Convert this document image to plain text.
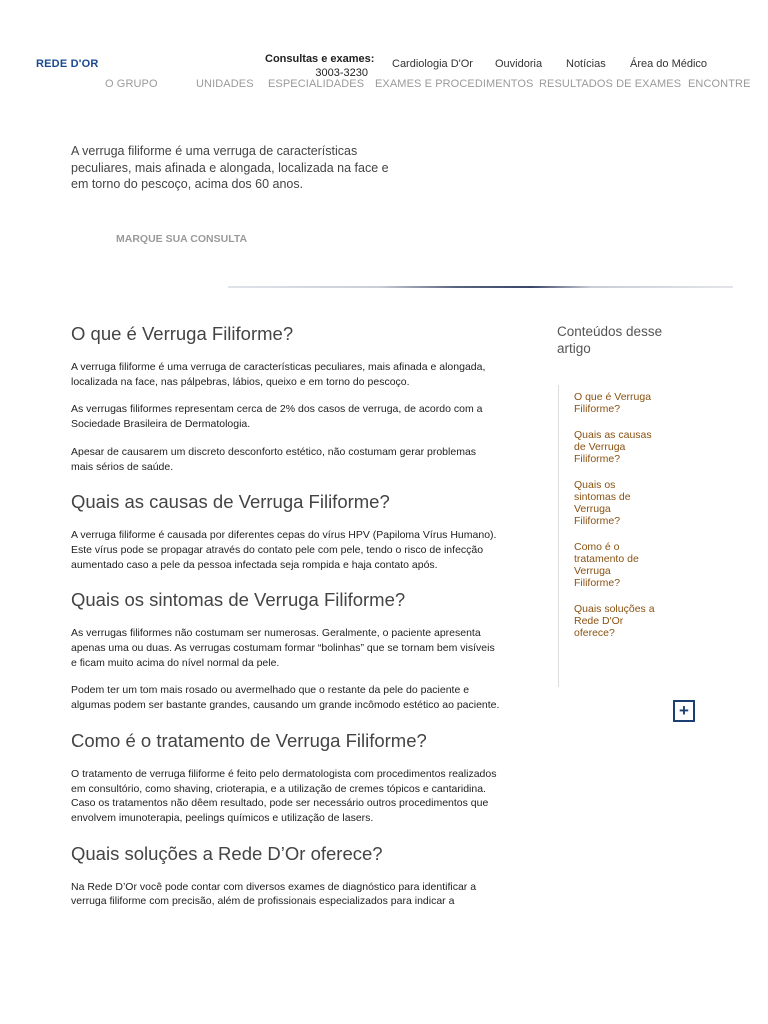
REDE D'OR	Consultas e exames:
3003-3230
Cardiologia D'Or Ouvidoria Notícias Área do Médico
O GRUPO	UNIDADES ESPECIALIDADES EXAMES E PROCEDIMENTOS RESULTADOS DE EXAMES ENCONTRE
A verruga filiforme é uma verruga de características peculiares, mais afinada e alongada, localizada na face e em torno do pescoço, acima dos 60 anos.
MARQUE SUA CONSULTA
O que é Verruga Filiforme?

A verruga filiforme é uma verruga de características peculiares, mais afinada e alongada, localizada na face, nas pálpebras, lábios, queixo e em torno do pescoço.

As verrugas filiformes representam cerca de 2% dos casos de verruga, de acordo com a Sociedade Brasileira de Dermatologia.

Apesar de causarem um discreto desconforto estético, não costumam gerar problemas mais sérios de saúde.

Quais as causas de Verruga Filiforme?

A verruga filiforme é causada por diferentes cepas do vírus HPV (Papiloma Vírus Humano). Este vírus pode se propagar através do contato pele com pele, tendo o risco de infecção aumentado caso a pele da pessoa infectada seja rompida e haja contato após.

Quais os sintomas de Verruga Filiforme?

As verrugas filiformes não costumam ser numerosas. Geralmente, o paciente apresenta apenas uma ou duas. As verrugas costumam formar “bolinhas” que se tornam bem visíveis e ficam muito acima do nível normal da pele.

Podem ter um tom mais rosado ou avermelhado que o restante da pele do paciente e algumas podem ser bastante grandes, causando um grande incômodo estético ao paciente.

Como é o tratamento de Verruga Filiforme?

O tratamento de verruga filiforme é feito pelo dermatologista com procedimentos realizados em consultório, como shaving, crioterapia, e a utilização de cremes tópicos e cantaridina. Caso os tratamentos não dêem resultado, pode ser necessário outros procedimentos que envolvem imunoterapia, peelings químicos e utilização de lasers.

Quais soluções a Rede D’Or oferece?

Na Rede D’Or você pode contar com diversos exames de diagnóstico para identificar a verruga filiforme com precisão, além de profissionais especializados para indicar a

Conteúdos desse artigo
O que é Verruga Filiforme?
Quais as causas de Verruga Filiforme?
Quais os sintomas de Verruga Filiforme?
Como é o tratamento de Verruga Filiforme?
Quais soluções a Rede D'Or oferece?
+
